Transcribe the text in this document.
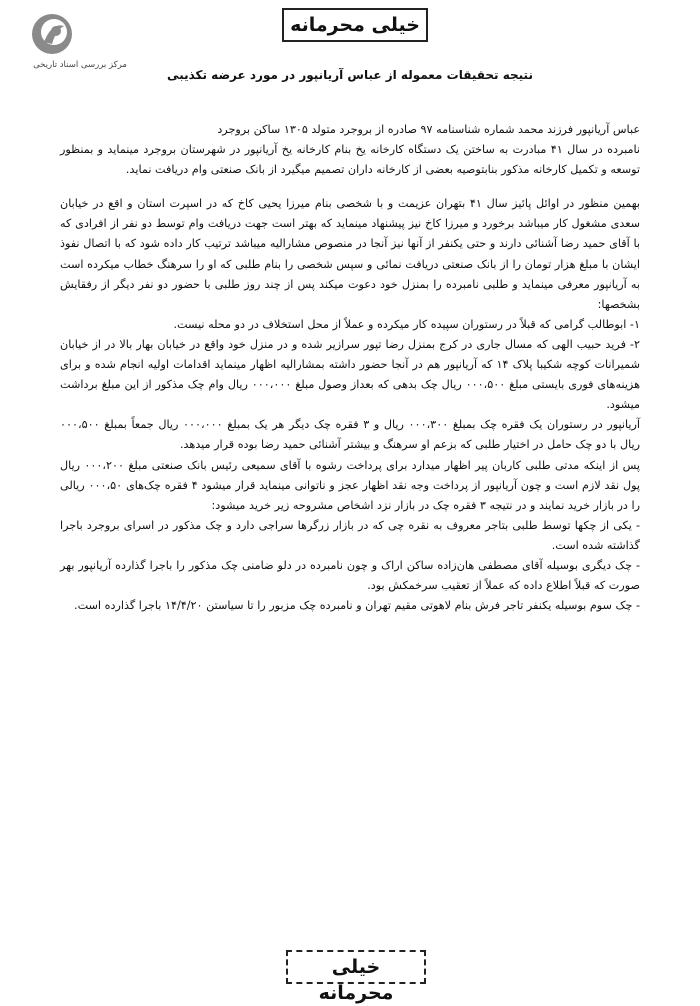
مرکز بررسی اسناد تاریخی
خیلی محرمانه
نتیجه تحقیقات معموله از عباس آریانپور در مورد عرضه تکذیبی

عباس آریانپور فرزند محمد شماره شناسنامه ۹۷ صادره از بروجرد متولد ۱۳۰۵ ساکن بروجرد

نامبرده در سال ۴۱ مبادرت به ساختن یک دستگاه کارخانه یخ بنام کارخانه یخ آریانپور در شهرستان بروجرد مینماید و بمنظور توسعه و تکمیل کارخانه مذکور بنابتوصیه بعضی از کارخانه داران تصمیم میگیرد از بانک صنعتی وام دریافت نماید.

بهمین منظور در اوائل پائیز سال ۴۱ بتهران عزیمت و با شخصی بنام میرزا یحیی کاخ که در اسپرت استان و اقع در خیابان سعدی مشغول کار میباشد برخورد و میرزا کاخ نیز پیشنهاد مینماید که بهتر است جهت دریافت وام توسط دو نفر از افرادی که با آقای حمید رضا آشنائی دارند و حتی یکنفر از آنها نیز آنجا در منصوص مشارالیه میباشد ترتیب کار داده شود که با اتصال نفوذ ایشان با مبلغ هزار تومان را از بانک صنعتی دریافت نمائی و سپس شخصی را بنام طلبی که او را سرهنگ خطاب میکرده است به آریانپور معرفی مینماید و طلبی نامبرده را بمنزل خود دعوت میکند پس از چند روز طلبی با حضور دو نفر دیگر از رفقایش بشخصها:

۱- ابوطالب گرامی که قبلاً در رستوران سپیده کار میکرده و عملاً از محل استخلاف در دو محله نیست.

۲- فرید حبیب الهی که مسال جاری در کرج بمنزل رضا تپور سرازیر شده و در منزل خود واقع در خیابان بهار بالا در از خیابان شمیرانات کوچه شکیبا پلاک ۱۴ که آریانپور هم در آنجا حضور داشته بمشارالیه اظهار مینماید اقدامات اولیه انجام شده و برای هزینه‌های فوری بایستی مبلغ ۰۰۰،۵۰۰ ریال چک بدهی که بعداز وصول مبلغ ۰۰۰،۰۰۰ ریال وام چک مذکور از این مبلغ برداشت میشود.

آریانپور در رستوران یک فقره چک بمبلغ ۰۰۰،۳۰۰ ریال و ۳ فقره چک دیگر هر یک بمبلغ ۰۰۰،۰۰۰ ریال جمعاً بمبلغ ۰۰۰،۵۰۰ ریال با دو چک حامل در اختیار طلبی که بزعم او سرهنگ و بیشتر آشنائی حمید رضا بوده قرار میدهد.

پس از اینکه مدتی طلبی کاربان پیر اظهار میدارد برای پرداخت رشوه با آقای سمیعی رئیس بانک صنعتی مبلغ ۰۰۰،۲۰۰ ریال پول نقد لازم است و چون آریانپور از پرداخت وجه نقد اظهار عجز و ناتوانی مینماید قرار میشود ۴ فقره چک‌های ۰۰۰،۵۰ ریالی را در بازار خرید نمایند و در نتیجه ۳ فقره چک در بازار نزد اشخاص مشروحه زیر خرید میشود:

- یکی از چکها توسط طلبی بتاجر معروف به نقره چی که در بازار زرگرها سراجی دارد و چک مذکور در اسرای بروجرد باجرا گذاشته شده است.

- چک دیگری بوسیله آقای مصطفی هان‌زاده ساکن اراک و چون نامبرده در دلو ضامنی چک مذکور را باجرا گذارده آریانپور بهر صورت که قبلاً اطلاع داده که عملاً از تعقیب سرخمکش بود.

- چک سوم بوسیله یکنفر تاجر فرش بنام لاهوتی مقیم تهران و نامبرده چک مزبور را تا سیاستن ۱۴/۴/۲۰ باجرا گذارده است.

خیلی محرمانه
